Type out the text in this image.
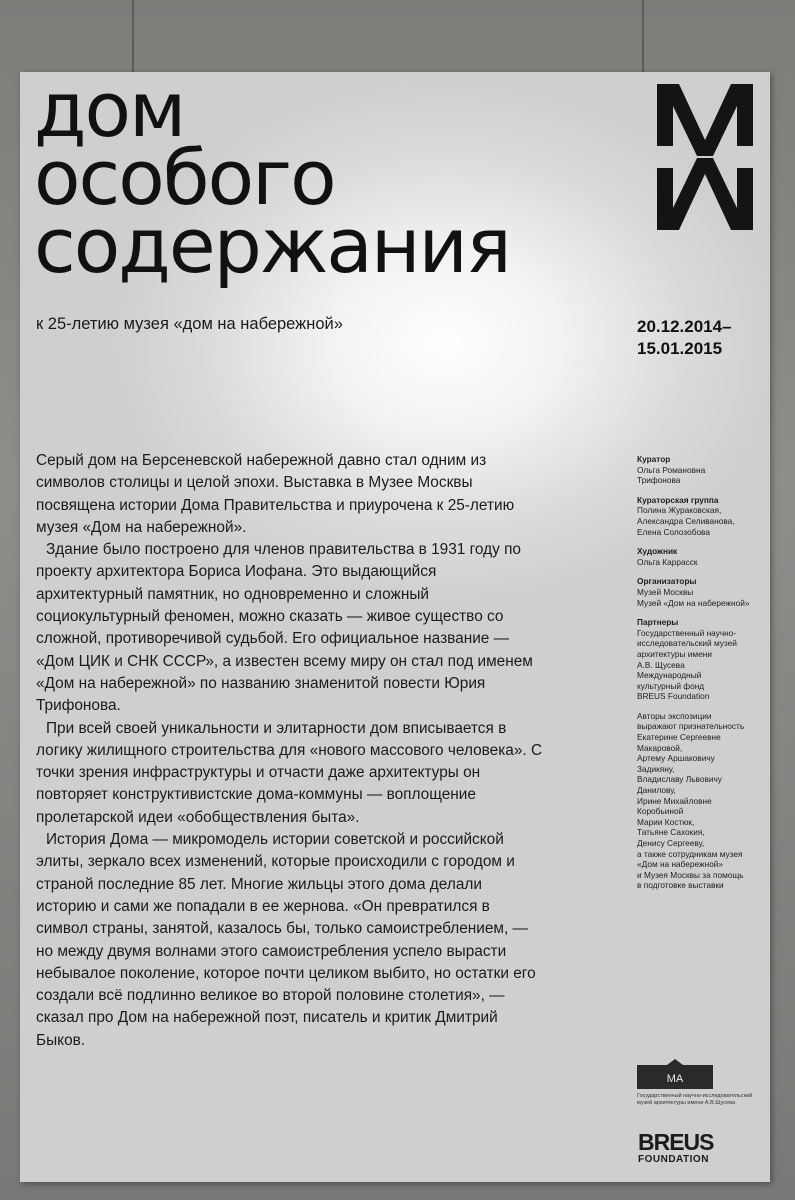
дом
особого
содержания

к 25-летию музея «дом на набережной»	20.12.2014–
15.01.2015

Серый дом на Берсеневской набережной давно стал одним из символов столицы и целой эпохи. Выставка в Музее Москвы посвящена истории Дома Правительства и приурочена к 25-летию музея «Дом на набережной».

Здание было построено для членов правительства в 1931 году по проекту архитектора Бориса Иофана. Это выдающийся архитектурный памятник, но одновременно и сложный социокультурный феномен, можно сказать — живое существо со сложной, противоречивой судьбой. Его официальное название — «Дом ЦИК и СНК СССР», а известен всему миру он стал под именем «Дом на набережной» по названию знаменитой повести Юрия Трифонова.

При всей своей уникальности и элитарности дом вписывается в логику жилищного строительства для «нового массового человека». С точки зрения инфраструктуры и отчасти даже архитектуры он повторяет конструктивистские дома-коммуны — воплощение пролетарской идеи «обобществления быта».

История Дома — микромодель истории советской и российской элиты, зеркало всех изменений, которые происходили с городом и страной последние 85 лет. Многие жильцы этого дома делали историю и сами же попадали в ее жернова. «Он превратился в символ страны, занятой, казалось бы, только самоистреблением, — но между двумя волнами этого самоистребления успело вырасти небывалое поколение, которое почти целиком выбито, но остатки его создали всё подлинно великое во второй половине столетия», — сказал про Дом на набережной поэт, писатель и критик Дмитрий Быков.

Куратор
Ольга Романовна
Трифонова
Кураторская группа
Полина Жураковская,
Александра Селиванова,
Елена Солозобова
Художник
Ольга Каррасск
Организаторы
Музей Москвы
Музей «Дом на набережной»
Партнеры
Государственный научно-
исследовательский музей
архитектуры имени
А.В. Щусева
Международный
культурный фонд
BREUS Foundation
Авторы экспозиции
выражают признательность
Екатерине Сергеевне
Макаровой,
Артему Аршаковичу
Задикяну,
Владиславу Львовичу
Данилову,
Ирине Михайловне
Коробьиной
Марии Костюк,
Татьяне Сахокия,
Денису Сергееву,
а также сотрудникам музея
«Дом на набережной»
и Музея Москвы за помощь
в подготовке выставки
MA
Государственный научно-исследовательский музей архитектуры имени А.В.Щусева
BREUS
FOUNDATION
